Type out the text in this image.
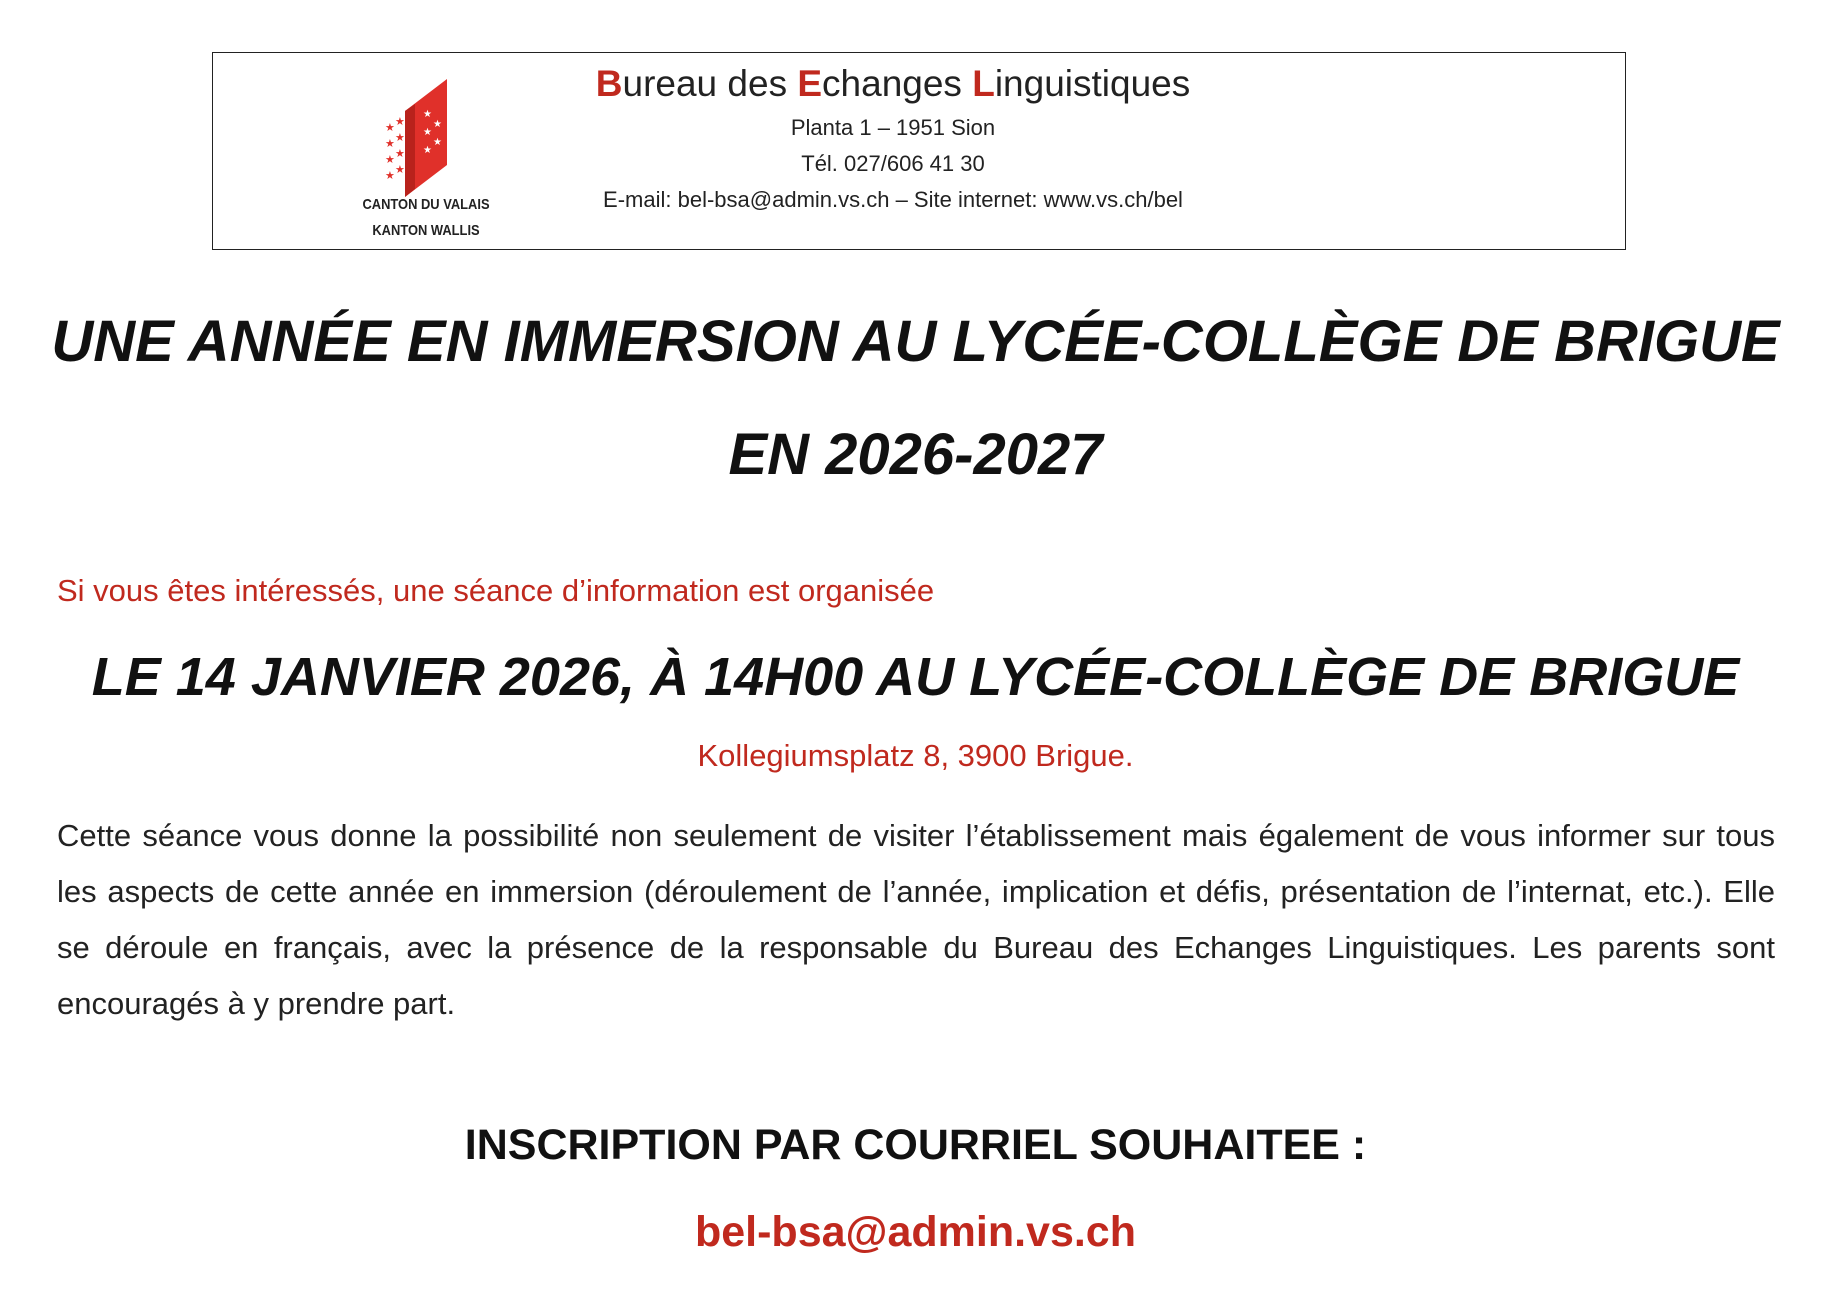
★
★
★
★
★
★ ★
★ ★
★ ★
★ ★
CANTON DU VALAIS
KANTON WALLIS
Bureau des Echanges Linguistiques
Planta 1 – 1951 Sion
Tél. 027/606 41 30
E-mail: bel-bsa@admin.vs.ch – Site internet: www.vs.ch/bel
UNE ANNÉE EN IMMERSION AU LYCÉE-COLLÈGE DE BRIGUE
EN 2026-2027
Si vous êtes intéressés, une séance d’information est organisée
LE 14 JANVIER 2026, À 14H00 AU LYCÉE-COLLÈGE DE BRIGUE
Kollegiumsplatz 8, 3900 Brigue.
Cette séance vous donne la possibilité non seulement de visiter l’établissement mais également de vous informer sur tous les aspects de cette année en immersion (déroulement de l’année, implication et défis, présentation de l’internat, etc.). Elle se déroule en français, avec la présence de la responsable du Bureau des Echanges Linguistiques. Les parents sont encouragés à y prendre part.
INSCRIPTION PAR COURRIEL SOUHAITEE :
bel-bsa@admin.vs.ch
